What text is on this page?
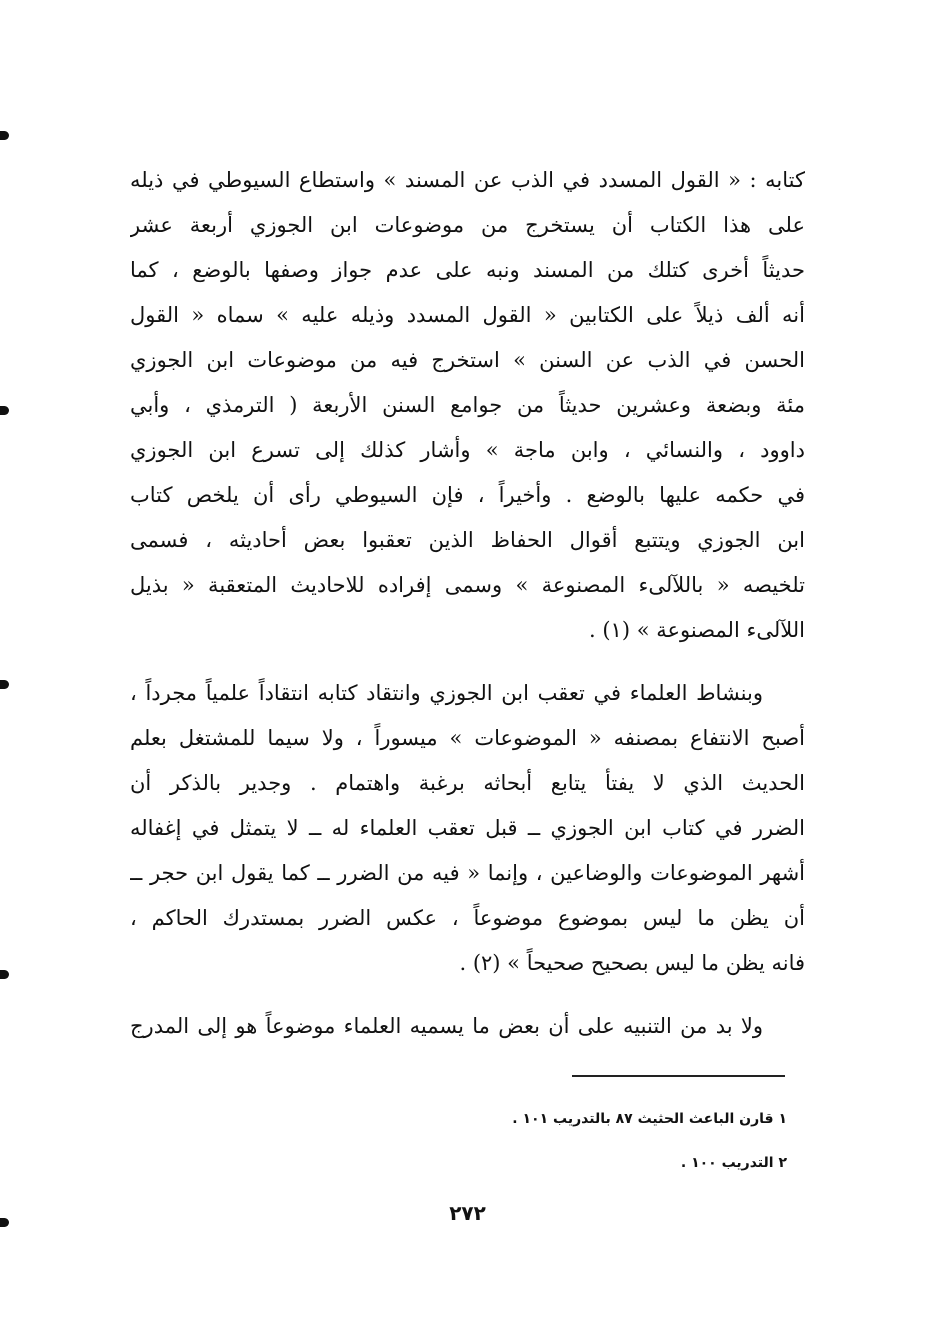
كتابه : « القول المسدد في الذب عن المسند » واستطاع السيوطي في ذيله
على هذا الكتاب أن يستخرج من موضوعات ابن الجوزي أربعة عشر
حديثاً أخرى كتلك من المسند ونبه على عدم جواز وصفها بالوضع ، كما
أنه ألف ذيلاً على الكتابين « القول المسدد وذيله عليه » سماه « القول
الحسن في الذب عن السنن » استخرج فيه من موضوعات ابن الجوزي
مئة وبضعة وعشرين حديثاً من جوامع السنن الأربعة ( الترمذي ، وأبي
داوود ، والنسائي ، وابن ماجة » وأشار كذلك إلى تسرع ابن الجوزي
في حكمه عليها بالوضع . وأخيراً ، فإن السيوطي رأى أن يلخص كتاب
ابن الجوزي ويتتبع أقوال الحفاظ الذين تعقبوا بعض أحاديثه ، فسمى
تلخيصه « باللآلىء المصنوعة » وسمى إفراده للاحاديث المتعقبة « بذيل
اللآلىء المصنوعة » (١) .
وبنشاط العلماء في تعقب ابن الجوزي وانتقاد كتابه انتقاداً علمياً مجرداً ،
أصبح الانتفاع بمصنفه « الموضوعات » ميسوراً ، ولا سيما للمشتغل بعلم
الحديث الذي لا يفتأ يتابع أبحاثه برغبة واهتمام . وجدير بالذكر أن
الضرر في كتاب ابن الجوزي ــ قبل تعقب العلماء له ــ لا يتمثل في إغفاله
أشهر الموضوعات والوضاعين ، وإنما « فيه من الضرر ــ كما يقول ابن حجر ــ
أن يظن ما ليس بموضوع موضوعاً ، عكس الضرر بمستدرك الحاكم ،
فانه يظن ما ليس بصحيح صحيحاً » (٢) .
ولا بد من التنبيه على أن بعض ما يسميه العلماء موضوعاً هو إلى المدرج
١ قارن الباعث الحثيث ٨٧ بالتدريب ١٠١ .
٢ التدريب ١٠٠ .
٢٧٢
